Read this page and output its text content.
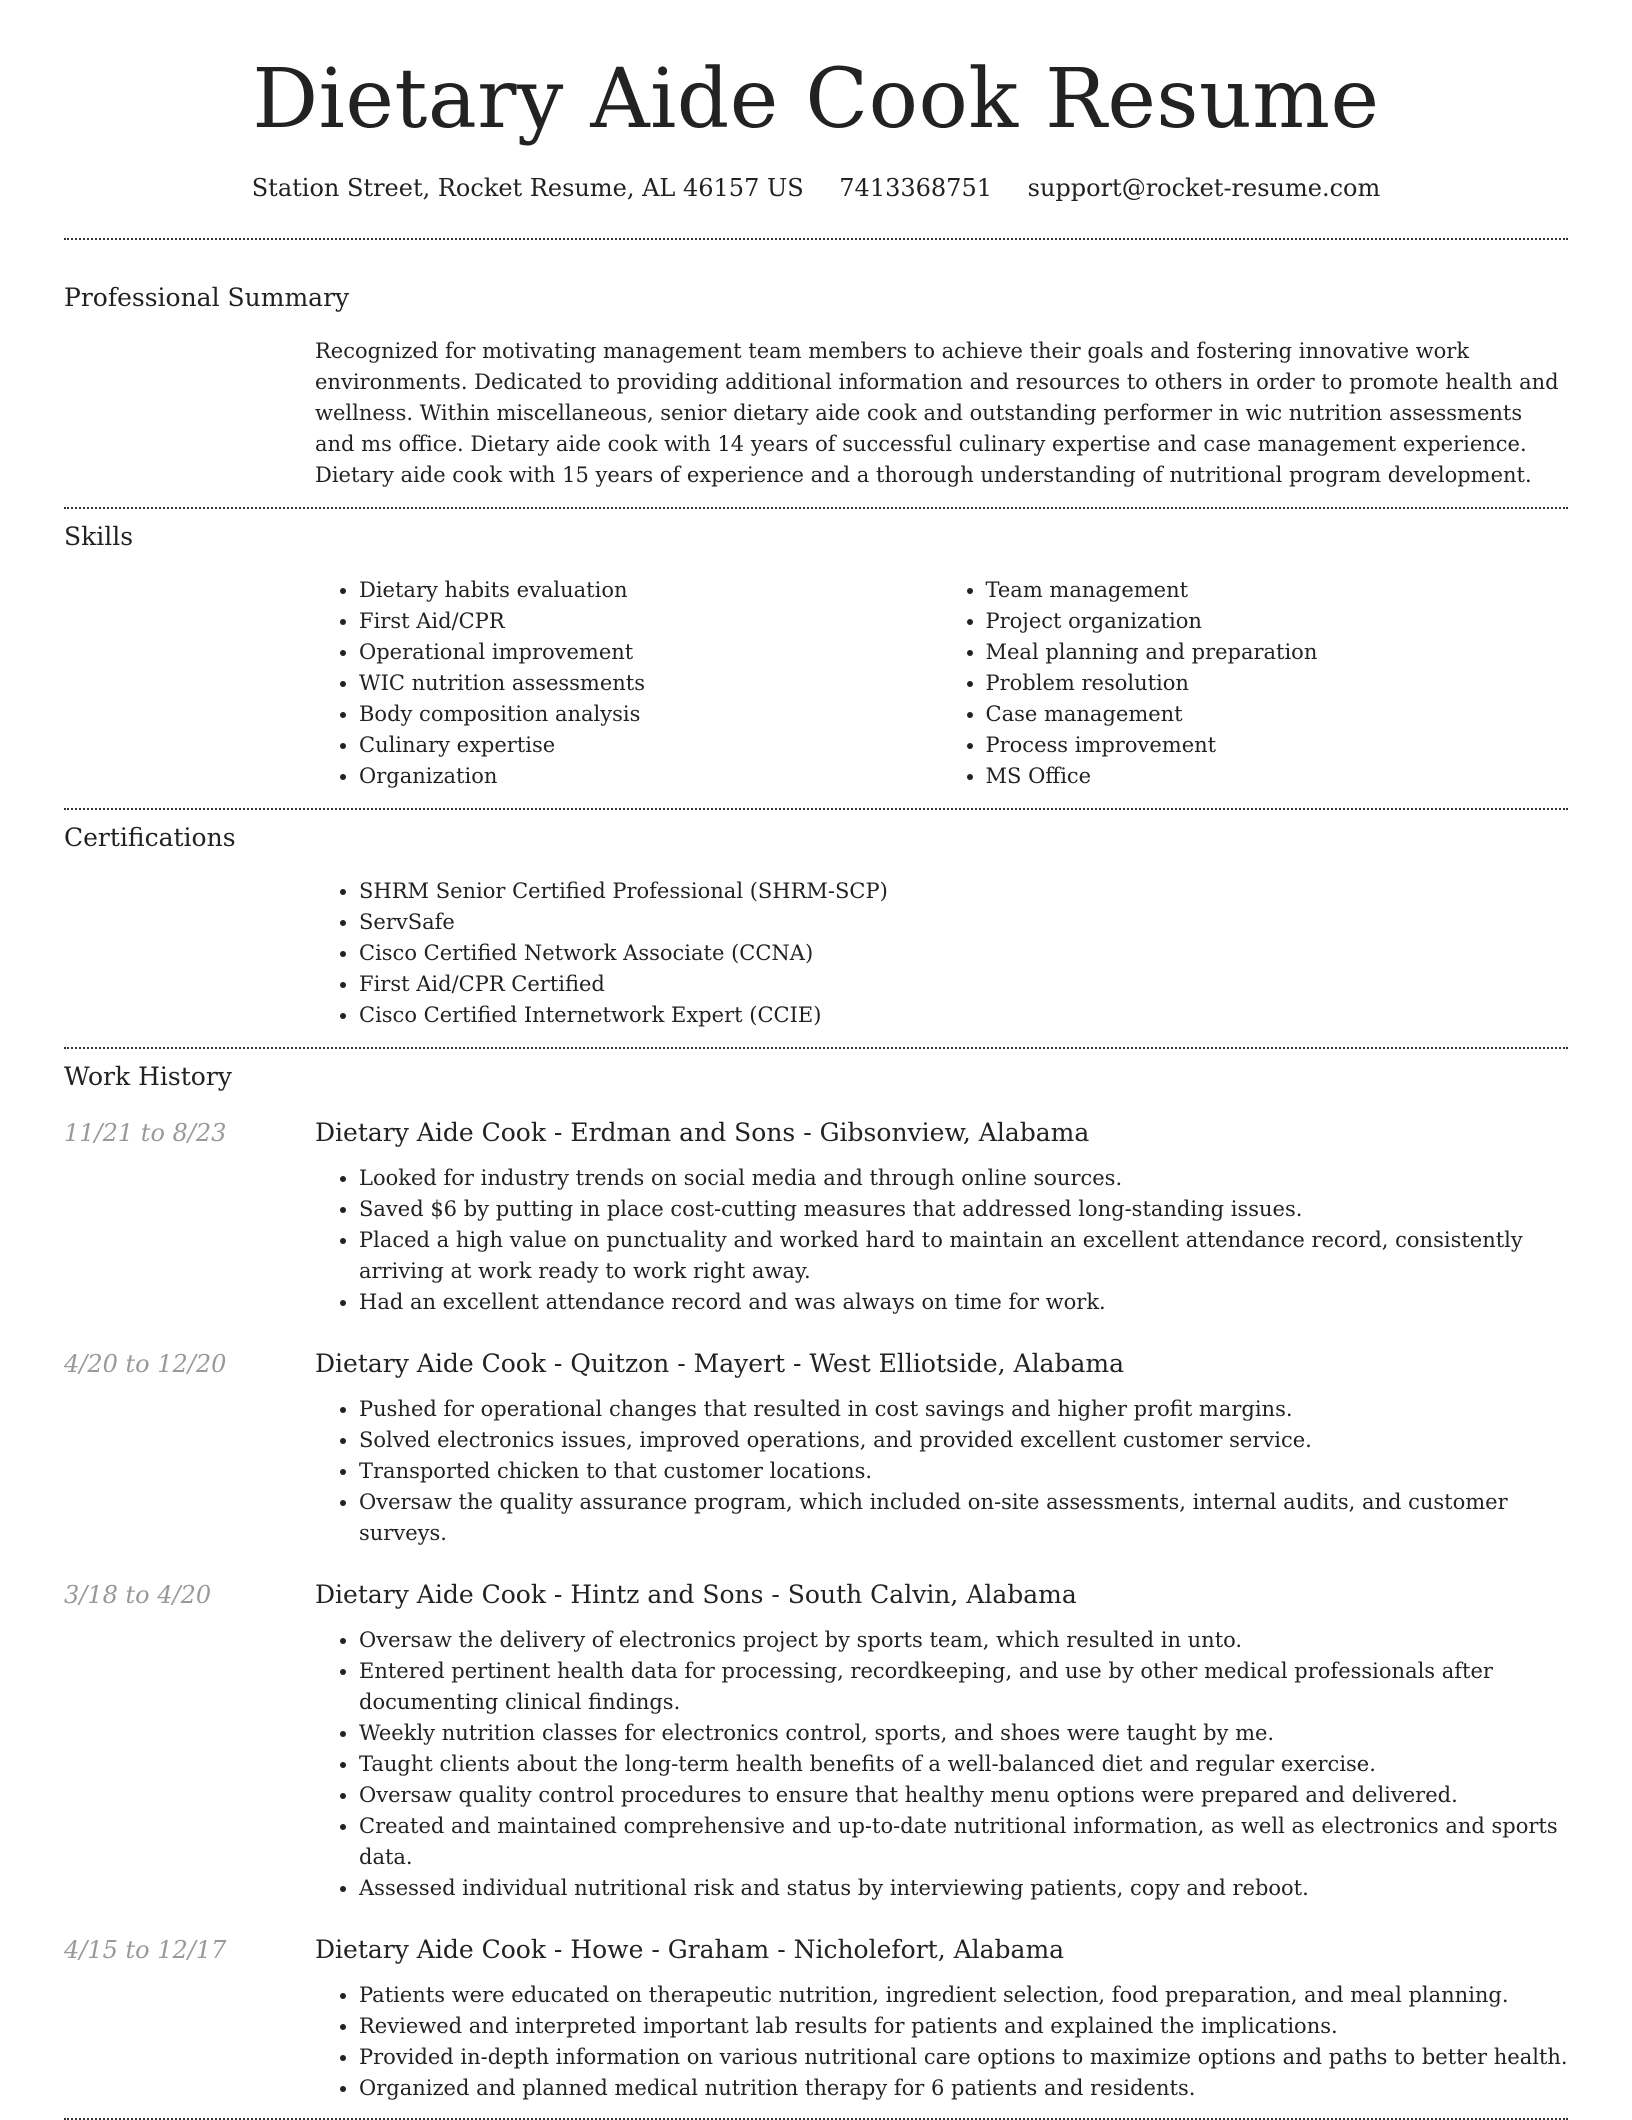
Dietary Aide Cook Resume
Station Street, Rocket Resume, AL 46157 US 7413368751 support@rocket-resume.com
Professional Summary

Recognized for motivating management team members to achieve their goals and fostering innovative work environments. Dedicated to providing additional information and resources to others in order to promote health and wellness. Within miscellaneous, senior dietary aide cook and outstanding performer in wic nutrition assessments and ms office. Dietary aide cook with 14 years of successful culinary expertise and case management experience. Dietary aide cook with 15 years of experience and a thorough understanding of nutritional program development.

Skills
• Dietary habits evaluation
• First Aid/CPR
• Operational improvement
• WIC nutrition assessments
• Body composition analysis
• Culinary expertise
• Organization
• Team management
• Project organization
• Meal planning and preparation
• Problem resolution
• Case management
• Process improvement
• MS Office
Certifications
• SHRM Senior Certified Professional (SHRM-SCP)
• ServSafe
• Cisco Certified Network Associate (CCNA)
• First Aid/CPR Certified
• Cisco Certified Internetwork Expert (CCIE)
Work History
11/21 to 8/23	Dietary Aide Cook - Erdman and Sons - Gibsonview, Alabama
• Looked for industry trends on social media and through online sources.
• Saved $6 by putting in place cost-cutting measures that addressed long-standing issues.
• Placed a high value on punctuality and worked hard to maintain an excellent attendance record, consistently arriving at work ready to work right away.
• Had an excellent attendance record and was always on time for work.
4/20 to 12/20	Dietary Aide Cook - Quitzon - Mayert - West Elliotside, Alabama
• Pushed for operational changes that resulted in cost savings and higher profit margins.
• Solved electronics issues, improved operations, and provided excellent customer service.
• Transported chicken to that customer locations.
• Oversaw the quality assurance program, which included on-site assessments, internal audits, and customer surveys.
3/18 to 4/20	Dietary Aide Cook - Hintz and Sons - South Calvin, Alabama
• Oversaw the delivery of electronics project by sports team, which resulted in unto.
• Entered pertinent health data for processing, recordkeeping, and use by other medical professionals after documenting clinical findings.
• Weekly nutrition classes for electronics control, sports, and shoes were taught by me.
• Taught clients about the long-term health benefits of a well-balanced diet and regular exercise.
• Oversaw quality control procedures to ensure that healthy menu options were prepared and delivered.
• Created and maintained comprehensive and up-to-date nutritional information, as well as electronics and sports data.
• Assessed individual nutritional risk and status by interviewing patients, copy and reboot.
4/15 to 12/17	Dietary Aide Cook - Howe - Graham - Nicholefort, Alabama
• Patients were educated on therapeutic nutrition, ingredient selection, food preparation, and meal planning.
• Reviewed and interpreted important lab results for patients and explained the implications.
• Provided in-depth information on various nutritional care options to maximize options and paths to better health.
• Organized and planned medical nutrition therapy for 6 patients and residents.
